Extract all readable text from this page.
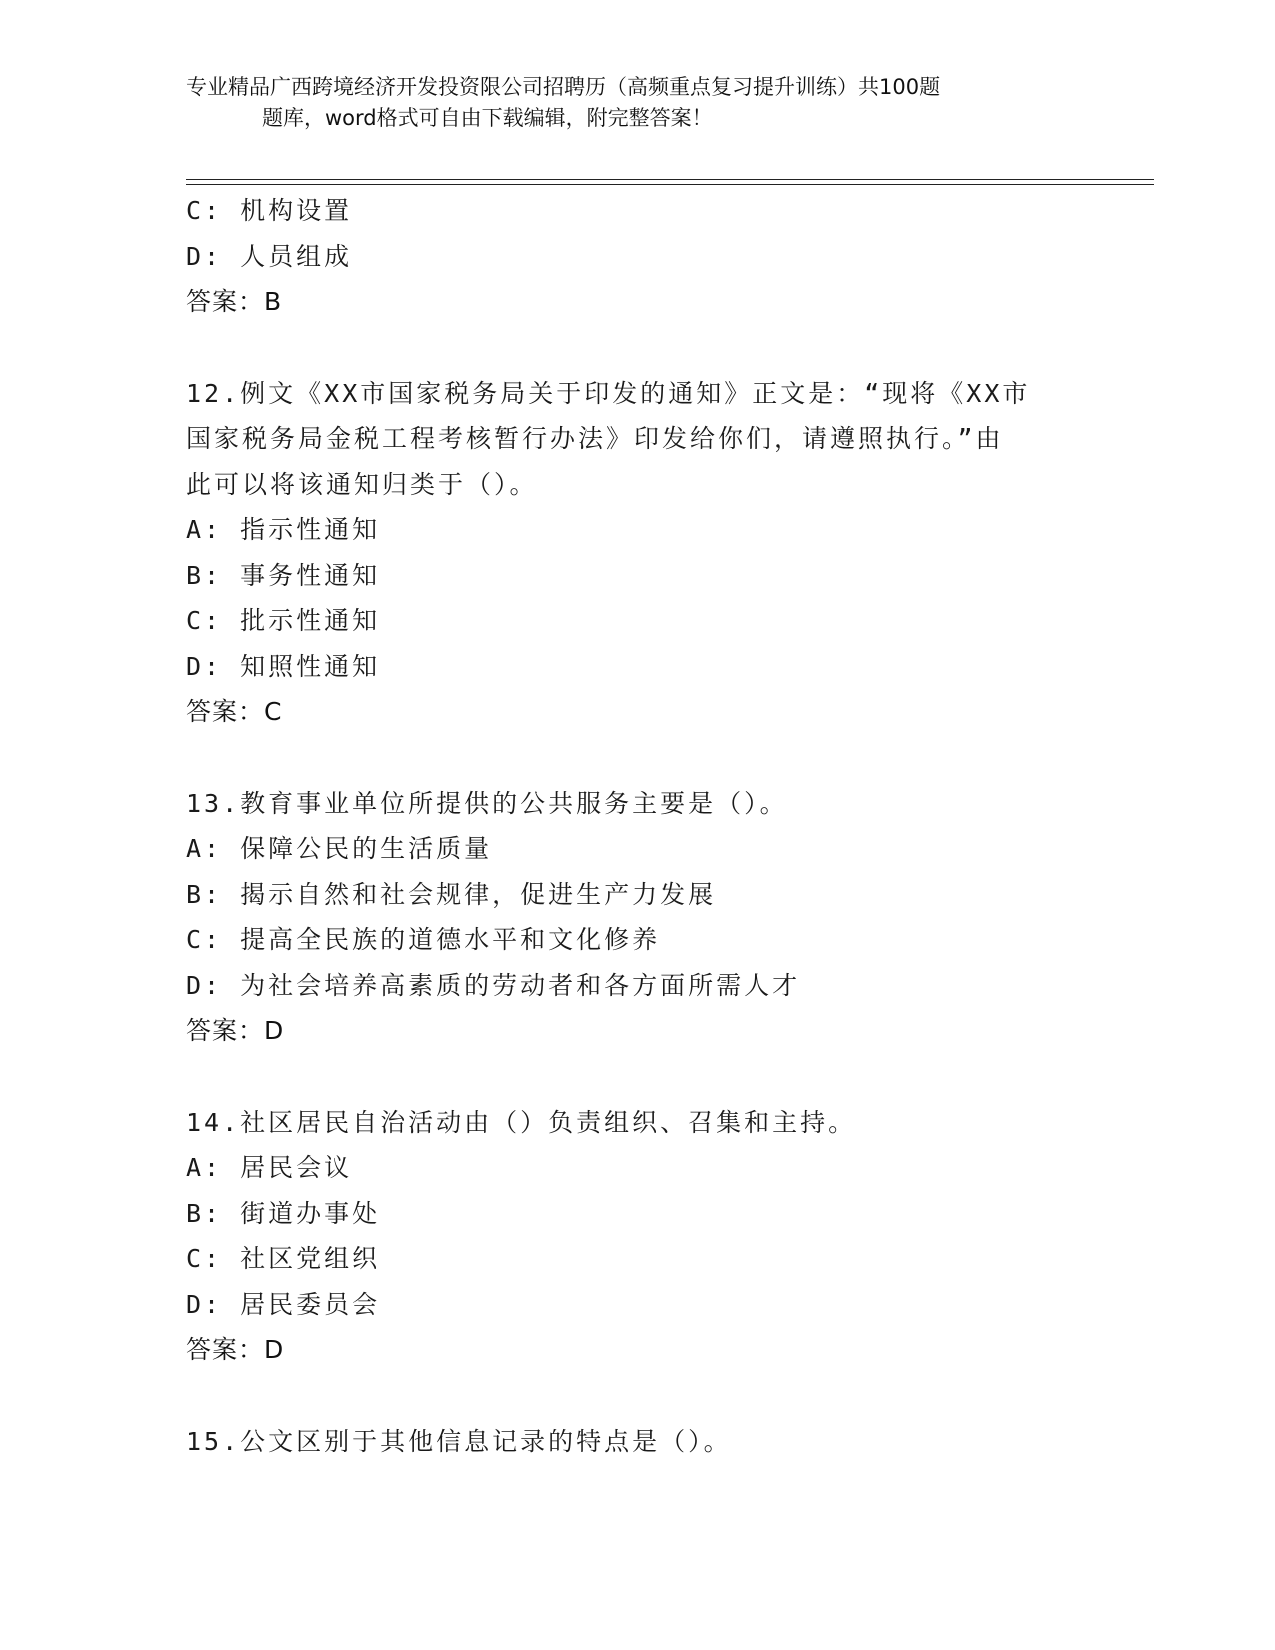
专业精品广西跨境经济开发投资限公司招聘历（高频重点复习提升训练）共100题
题库，word格式可自由下载编辑，附完整答案！
C: 机构设置
D: 人员组成
答案：B
12.例文《XX市国家税务局关于印发的通知》正文是：“现将《XX市
国家税务局金税工程考核暂行办法》印发给你们，请遵照执行。”由
此可以将该通知归类于（）。
A: 指示性通知
B: 事务性通知
C: 批示性通知
D: 知照性通知
答案：C
13.教育事业单位所提供的公共服务主要是（）。
A: 保障公民的生活质量
B: 揭示自然和社会规律，促进生产力发展
C: 提高全民族的道德水平和文化修养
D: 为社会培养高素质的劳动者和各方面所需人才
答案：D
14.社区居民自治活动由（）负责组织、召集和主持。
A: 居民会议
B: 街道办事处
C: 社区党组织
D: 居民委员会
答案：D
15.公文区别于其他信息记录的特点是（）。
